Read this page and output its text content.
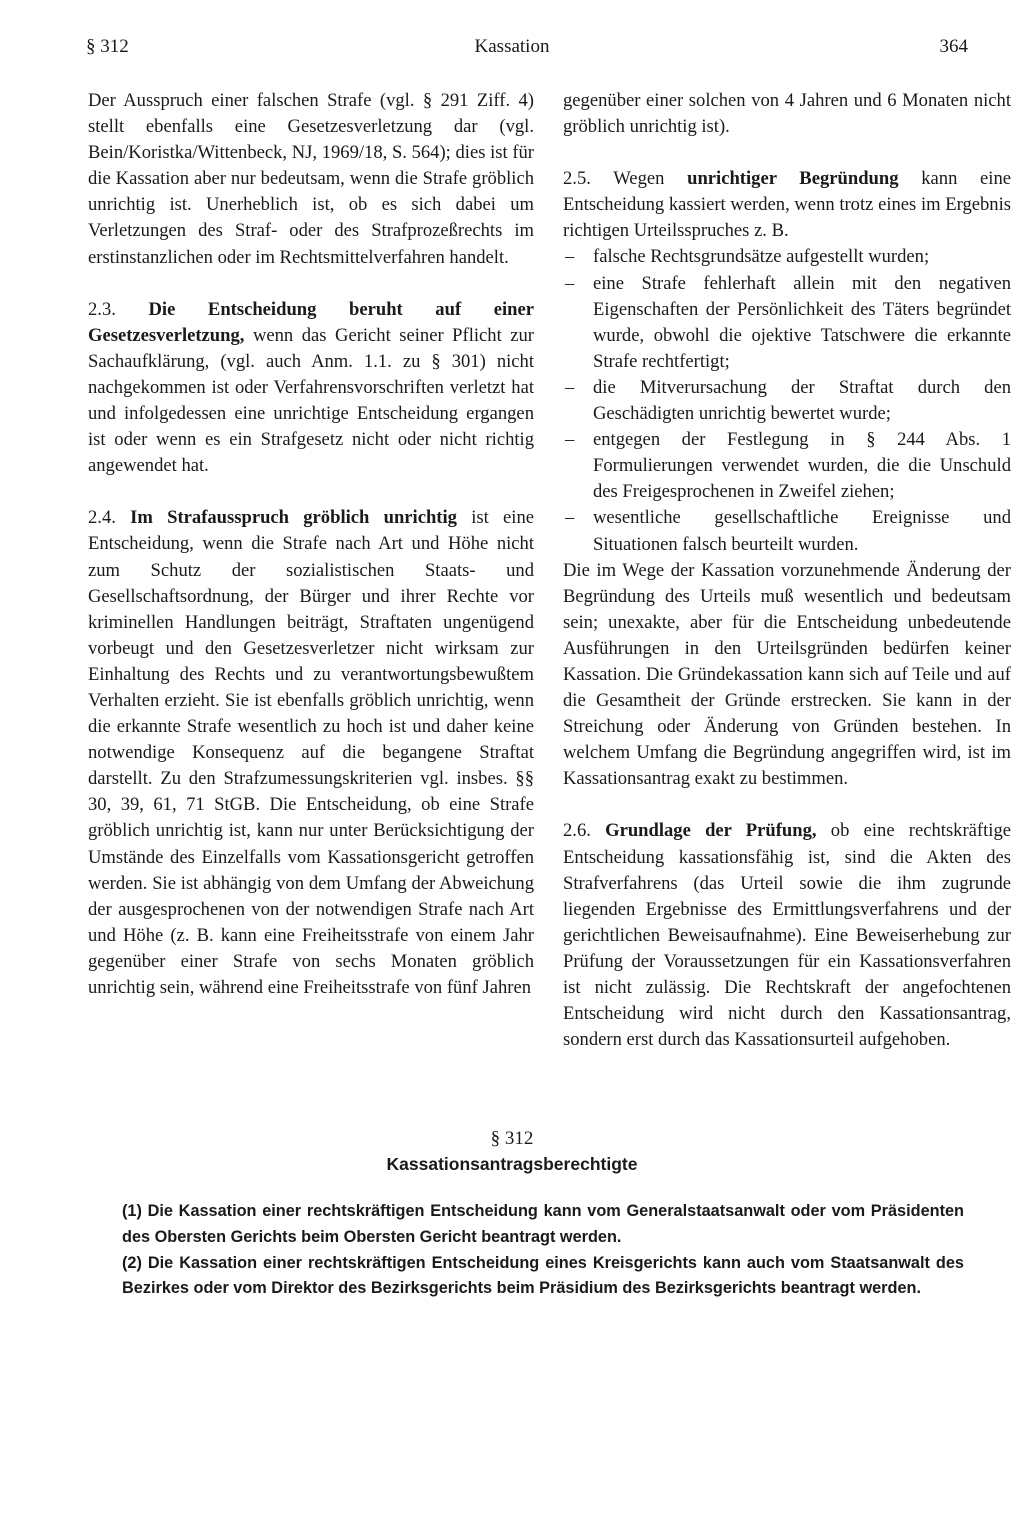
§ 312	Kassation	364

Der Ausspruch einer falschen Strafe (vgl. § 291 Ziff. 4) stellt ebenfalls eine Gesetzesverletzung dar (vgl. Bein/Koristka/Wittenbeck, NJ, 1969/18, S. 564); dies ist für die Kassation aber nur bedeutsam, wenn die Strafe gröblich unrichtig ist. Unerheblich ist, ob es sich dabei um Verletzungen des Straf- oder des Strafprozeßrechts im erstinstanzlichen oder im Rechtsmittelverfahren handelt.

2.3. Die Entscheidung beruht auf einer Gesetzesverletzung, wenn das Gericht seiner Pflicht zur Sachaufklärung, (vgl. auch Anm. 1.1. zu § 301) nicht nachgekommen ist oder Verfahrensvorschriften verletzt hat und infolgedessen eine unrichtige Entscheidung ergangen ist oder wenn es ein Strafgesetz nicht oder nicht richtig angewendet hat.

2.4. Im Strafausspruch gröblich unrichtig ist eine Entscheidung, wenn die Strafe nach Art und Höhe nicht zum Schutz der sozialistischen Staats- und Gesellschaftsordnung, der Bürger und ihrer Rechte vor kriminellen Handlungen beiträgt, Straftaten ungenügend vorbeugt und den Gesetzesverletzer nicht wirksam zur Einhaltung des Rechts und zu verantwortungsbewußtem Verhalten erzieht. Sie ist ebenfalls gröblich unrichtig, wenn die erkannte Strafe wesentlich zu hoch ist und daher keine notwendige Konsequenz auf die begangene Straftat darstellt. Zu den Strafzumessungskriterien vgl. insbes. §§ 30, 39, 61, 71 StGB. Die Entscheidung, ob eine Strafe gröblich unrichtig ist, kann nur unter Berücksichtigung der Umstände des Einzelfalls vom Kassationsgericht getroffen werden. Sie ist abhängig von dem Umfang der Abweichung der ausgesprochenen von der notwendigen Strafe nach Art und Höhe (z. B. kann eine Freiheitsstrafe von einem Jahr gegenüber einer Strafe von sechs Monaten gröblich unrichtig sein, während eine Freiheitsstrafe von fünf Jahren

gegenüber einer solchen von 4 Jahren und 6 Monaten nicht gröblich unrichtig ist).

2.5. Wegen unrichtiger Begründung kann eine Entscheidung kassiert werden, wenn trotz eines im Ergebnis richtigen Urteilsspruches z. B.

– falsche Rechtsgrundsätze aufgestellt wurden;
– eine Strafe fehlerhaft allein mit den negativen Eigenschaften der Persönlichkeit des Täters begründet wurde, obwohl die ojektive Tatschwere die erkannte Strafe rechtfertigt;
– die Mitverursachung der Straftat durch den Geschädigten unrichtig bewertet wurde;
– entgegen der Festlegung in § 244 Abs. 1 Formulierungen verwendet wurden, die die Unschuld des Freigesprochenen in Zweifel ziehen;
– wesentliche gesellschaftliche Ereignisse und Situationen falsch beurteilt wurden.

Die im Wege der Kassation vorzunehmende Änderung der Begründung des Urteils muß wesentlich und bedeutsam sein; unexakte, aber für die Entscheidung unbedeutende Ausführungen in den Urteilsgründen bedürfen keiner Kassation. Die Gründekassation kann sich auf Teile und auf die Gesamtheit der Gründe erstrecken. Sie kann in der Streichung oder Änderung von Gründen bestehen. In welchem Umfang die Begründung angegriffen wird, ist im Kassationsantrag exakt zu bestimmen.

2.6. Grundlage der Prüfung, ob eine rechtskräftige Entscheidung kassationsfähig ist, sind die Akten des Strafverfahrens (das Urteil sowie die ihm zugrunde liegenden Ergebnisse des Ermittlungsverfahrens und der gerichtlichen Beweisaufnahme). Eine Beweiserhebung zur Prüfung der Voraussetzungen für ein Kassationsverfahren ist nicht zulässig. Die Rechtskraft der angefochtenen Entscheidung wird nicht durch den Kassationsantrag, sondern erst durch das Kassationsurteil aufgehoben.

§ 312
Kassationsantragsberechtigte

(1) Die Kassation einer rechtskräftigen Entscheidung kann vom Generalstaatsanwalt oder vom Präsidenten des Obersten Gerichts beim Obersten Gericht beantragt werden.

(2) Die Kassation einer rechtskräftigen Entscheidung eines Kreisgerichts kann auch vom Staatsanwalt des Bezirkes oder vom Direktor des Bezirksgerichts beim Präsidium des Bezirksgerichts beantragt werden.
